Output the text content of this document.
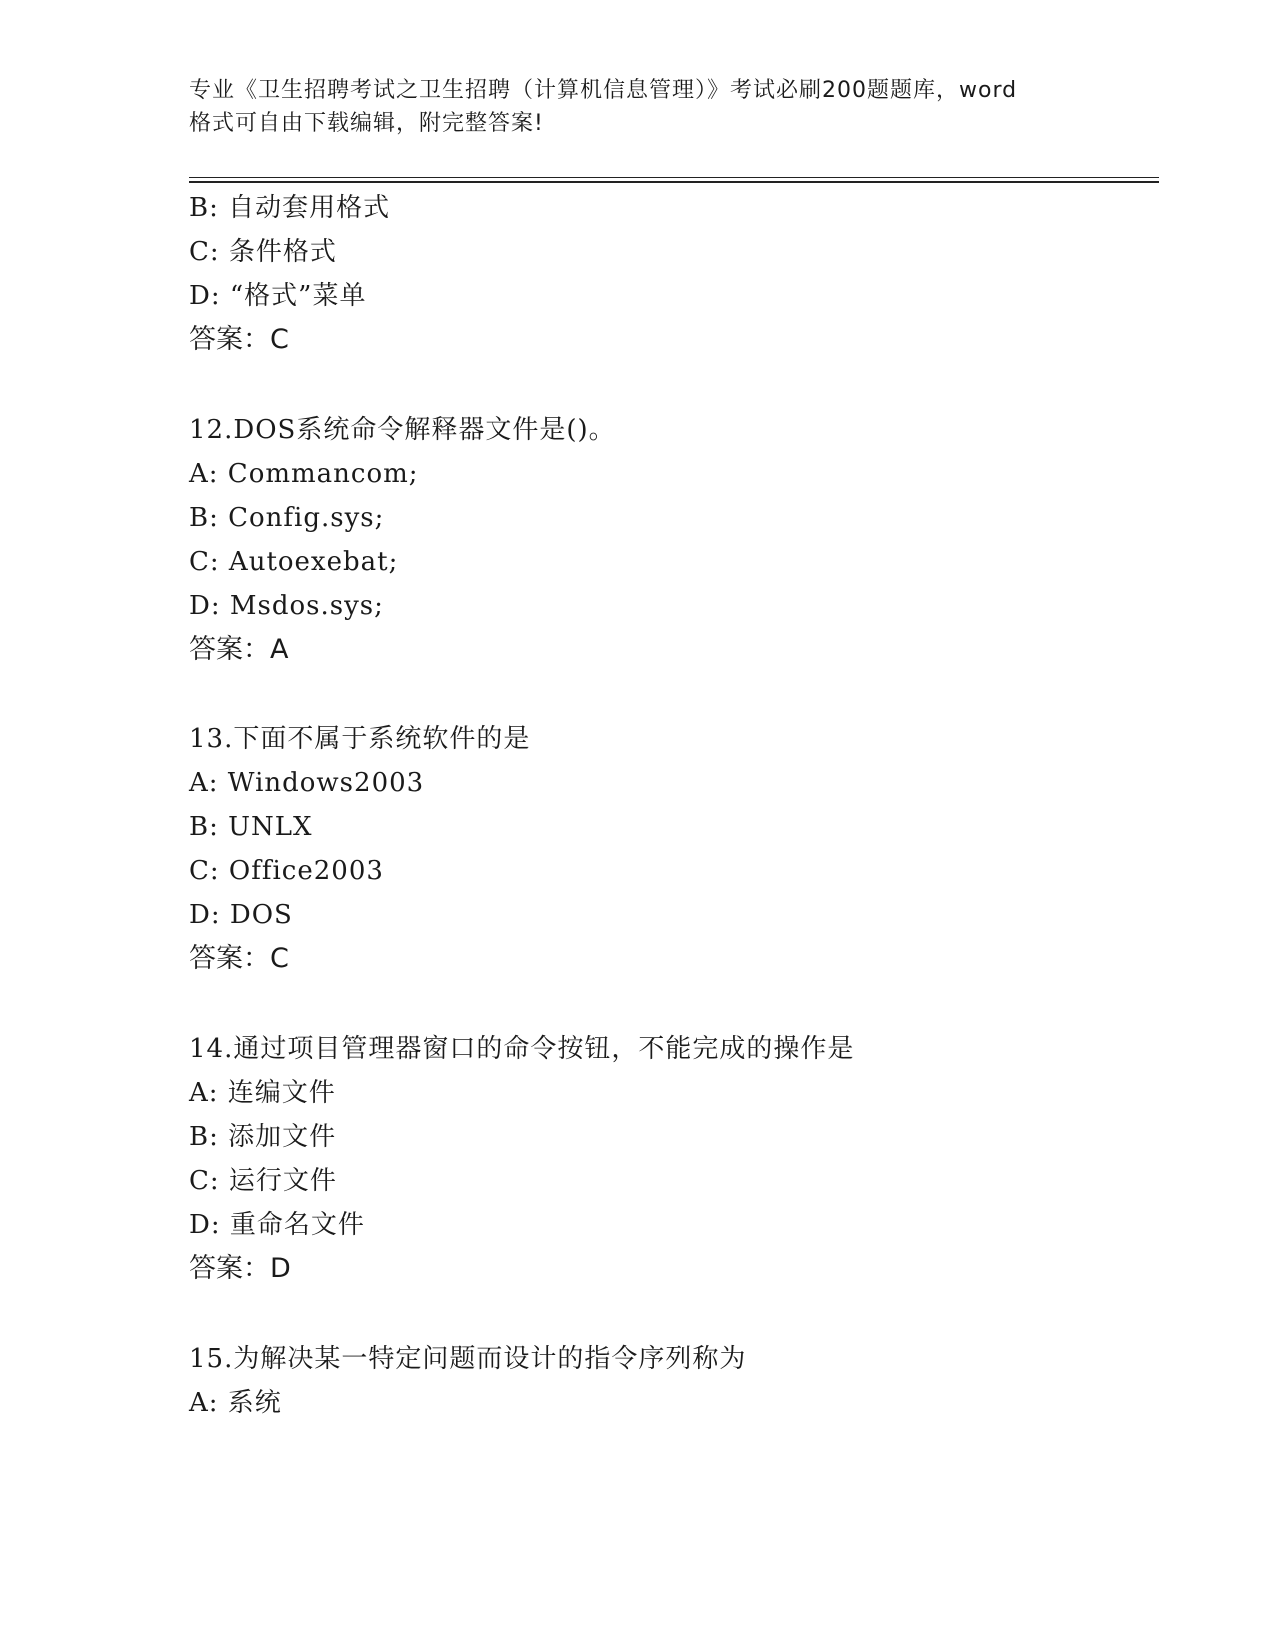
专业《卫生招聘考试之卫生招聘（计算机信息管理）》考试必刷200题题库，word
格式可自由下载编辑，附完整答案!
B: 自动套用格式
C: 条件格式
D: “格式”菜单
答案：C
12.DOS系统命令解释器文件是()。
A: Commancom;
B: Config.sys;
C: Autoexebat;
D: Msdos.sys;
答案：A
13.下面不属于系统软件的是
A: Windows2003
B: UNLX
C: Office2003
D: DOS
答案：C
14.通过项目管理器窗口的命令按钮，不能完成的操作是
A: 连编文件
B: 添加文件
C: 运行文件
D: 重命名文件
答案：D
15.为解决某一特定问题而设计的指令序列称为
A: 系统
